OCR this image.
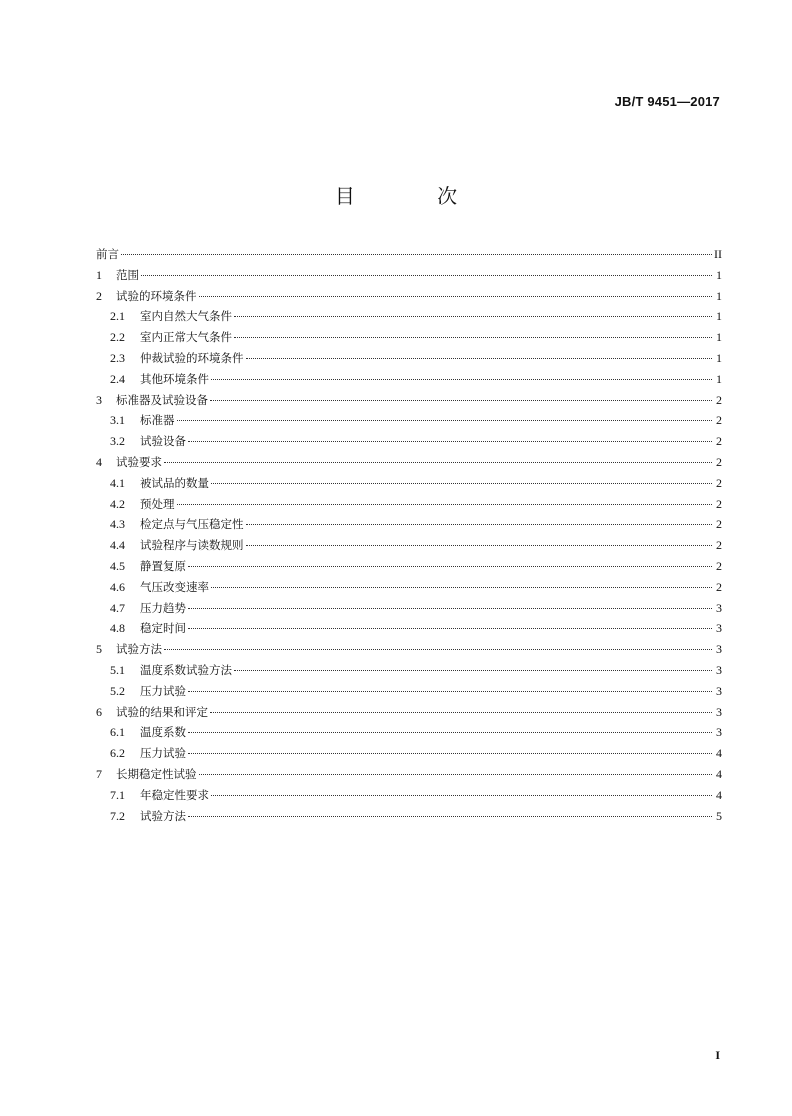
JB/T 9451—2017
目 次
前言	II
1	范围	1
2	试验的环境条件	1
2.1	室内自然大气条件	1
2.2	室内正常大气条件	1
2.3	仲裁试验的环境条件	1
2.4	其他环境条件	1
3	标准器及试验设备	2
3.1	标准器	2
3.2	试验设备	2
4	试验要求	2
4.1	被试品的数量	2
4.2	预处理	2
4.3	检定点与气压稳定性	2
4.4	试验程序与读数规则	2
4.5	静置复原	2
4.6	气压改变速率	2
4.7	压力趋势	3
4.8	稳定时间	3
5	试验方法	3
5.1	温度系数试验方法	3
5.2	压力试验	3
6	试验的结果和评定	3
6.1	温度系数	3
6.2	压力试验	4
7	长期稳定性试验	4
7.1	年稳定性要求	4
7.2	试验方法	5
I
